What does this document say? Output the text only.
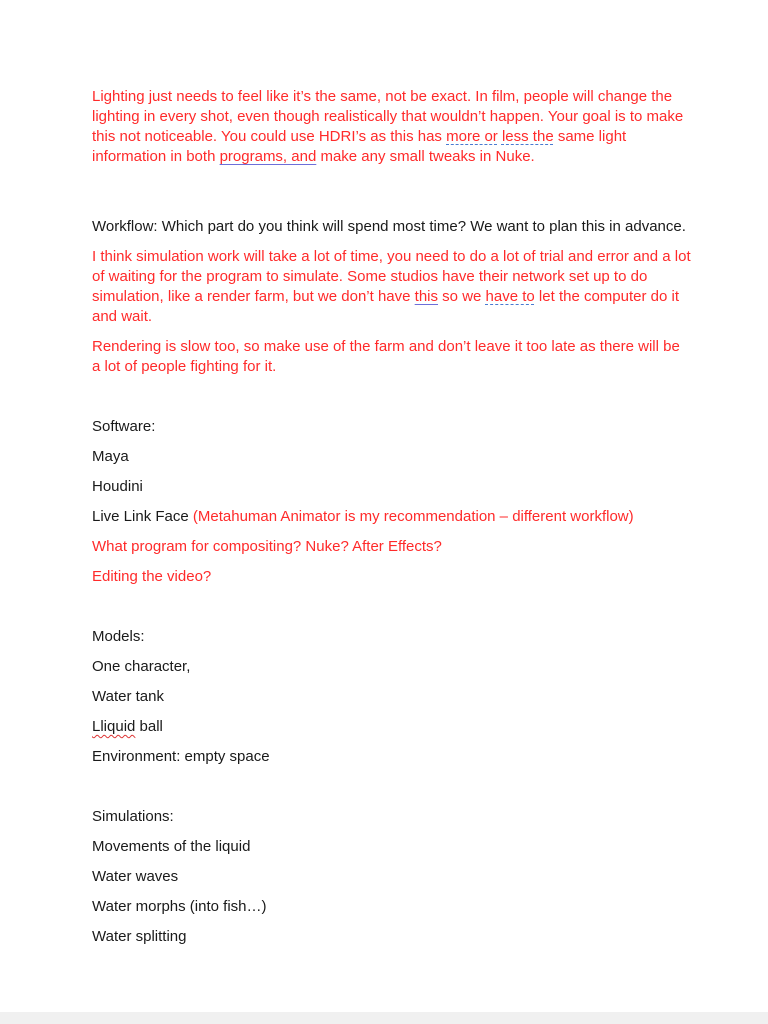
Lighting just needs to feel like it’s the same, not be exact. In film, people will change the lighting in every shot, even though realistically that wouldn’t happen. Your goal is to make this not noticeable. You could use HDRI’s as this has more or less the same light information in both programs, and make any small tweaks in Nuke.

Workflow: Which part do you think will spend most time? We want to plan this in advance.

I think simulation work will take a lot of time, you need to do a lot of trial and error and a lot of waiting for the program to simulate. Some studios have their network set up to do simulation, like a render farm, but we don’t have this so we have to let the computer do it and wait.

Rendering is slow too, so make use of the farm and don’t leave it too late as there will be a lot of people fighting for it.

Software:

Maya

Houdini

Live Link Face (Metahuman Animator is my recommendation – different workflow)

What program for compositing? Nuke? After Effects?

Editing the video?

Models:

One character,

Water tank

Lliquid ball

Environment: empty space

Simulations:

Movements of the liquid

Water waves

Water morphs (into fish…)

Water splitting
